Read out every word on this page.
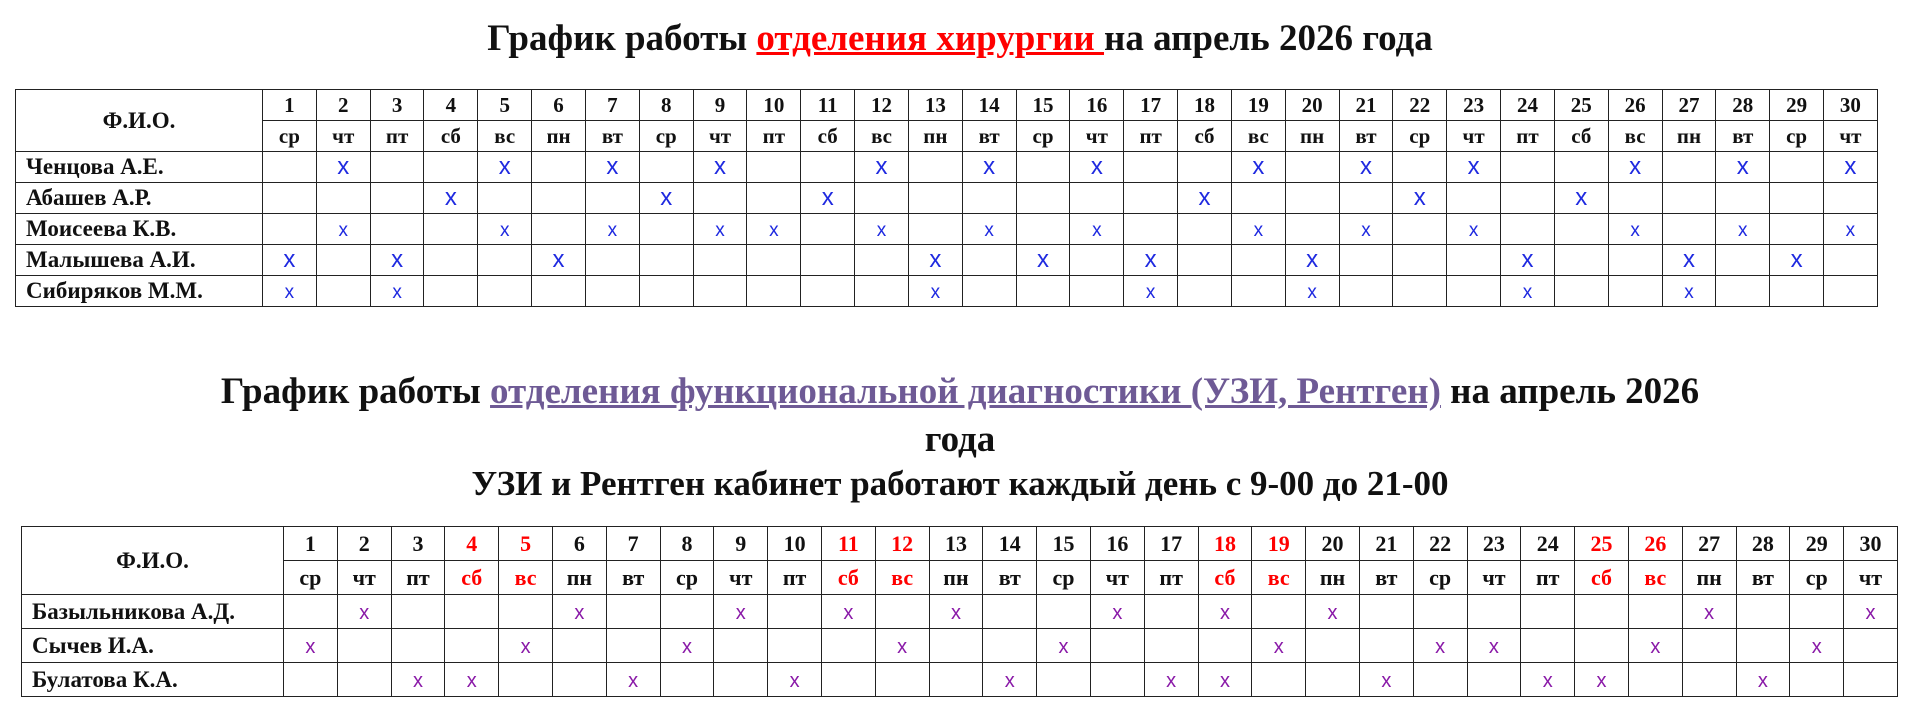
График работы отделения хирургии на апрель 2026 года
Ф.И.О.	1	2	3	4	5	6	7	8	9	10	11	12	13	14	15	16	17	18	19	20	21	22	23	24	25	26	27	28	29	30
	ср	чт	пт	сб	вс	пн	вт	ср	чт	пт	сб	вс	пн	вт	ср	чт	пт	сб	вс	пн	вт	ср	чт	пт	сб	вс	пн	вт	ср	чт
Ченцова А.Е.		x			x		x		x			x		x		x			x		x		x			x		x		x
Абашев А.Р.				x				x			x							x				x			x					
Моисеева К.В.		x			x		x		x	x		x		x		x			x		x		x			x		x		x
Малышева А.И.	x		x			x							x		x		x			x				x			x		x	
Сибиряков М.М.	x		x										x				x			x				x			x			
График работы отделения функциональной диагностики (УЗИ, Рентген) на апрель 2026
года
УЗИ и Рентген кабинет работают каждый день с 9-00 до 21-00
Ф.И.О.	1	2	3	4	5	6	7	8	9	10	11	12	13	14	15	16	17	18	19	20	21	22	23	24	25	26	27	28	29	30
	ср	чт	пт	сб	вс	пн	вт	ср	чт	пт	сб	вс	пн	вт	ср	чт	пт	сб	вс	пн	вт	ср	чт	пт	сб	вс	пн	вт	ср	чт
Базыльникова А.Д.		x				x			x		x		x			x		x		x							x			x
Сычев И.А.	x				x			x				x			x				x			x	x			x			x	
Булатова К.А.			x	x			x			x				x			x	x			x			x	x			x		
